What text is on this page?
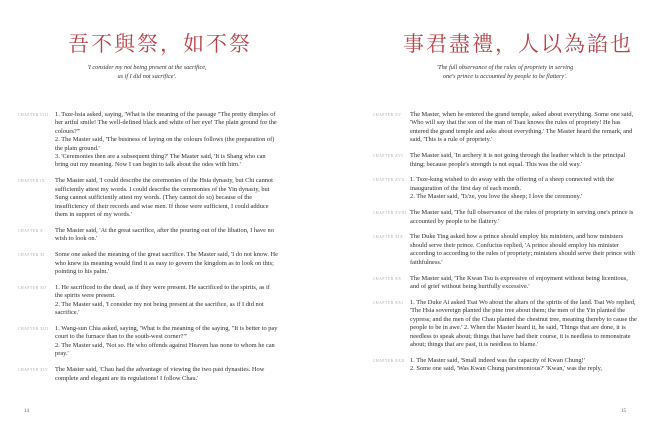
吾不與祭，如不祭
'I consider my not being present at the sacrifice,
as if I did not sacrifice'.
CHAPTER VIII	1. Tsze-hsia asked, saying, 'What is the meaning of the passage "The pretty dimples of her artful smile! The well-defined black and white of her eye! The plain ground for the colours?"'
2. The Master said, 'The business of laying on the colours follows (the preparation of) the plain ground.'
3. 'Ceremonies then are a subsequent thing?' The Master said, 'It is Shang who can bring out my meaning. Now I can begin to talk about the odes with him.'
CHAPTER IX	The Master said, 'I could describe the ceremonies of the Hsia dynasty, but Chi cannot sufficiently attest my words. I could describe the ceremonies of the Yin dynasty, but Sung cannot sufficiently attest my words. (They cannot do so) because of the insufficiency of their records and wise men. If those were sufficient, I could adduce them in support of my words.'
CHAPTER X	The Master said, 'At the great sacrifice, after the pouring out of the libation, I have no wish to look on.'
CHAPTER XI	Some one asked the meaning of the great sacrifice. The Master said, 'I do not know. He who knew its meaning would find it as easy to govern the kingdom as to look on this; pointing to his palm.'
CHAPTER XII	1. He sacrificed to the dead, as if they were present. He sacrificed to the spirits, as if the spirits were present.
2. The Master said, 'I consider my not being present at the sacrifice, as if I did not sacrifice.'
CHAPTER XIII 1. Wang-sun Chia asked, saying, 'What is the meaning of the saying, "It is better to pay court to the furnace than to the south-west corner?"'
2. The Master said, 'Not so. He who offends against Heaven has none to whom he can pray.'
CHAPTER XIV	The Master said, 'Chau had the advantage of viewing the two past dynasties. How complete and elegant are its regulations! I follow Chau.'
14
事君盡禮，人以為諂也
'The full observance of the rules of propriety in serving
one's prince is accounted by people to be flattery'.
CHAPTER XV	The Master, when he entered the grand temple, asked about everything. Some one said, 'Who will say that the son of the man of Tsau knows the rules of propriety! He has entered the grand temple and asks about everything.' The Master heard the remark, and said, 'This is a rule of propriety.'
CHAPTER XVI	The Master said, 'In archery it is not going through the leather which is the principal thing; because people's strength is not equal. This was the old way.'
CHAPTER XVII 1. Tsze-kung wished to do away with the offering of a sheep connected with the inauguration of the first day of each month.
2. The Master said, 'Ts'ze, you love the sheep; I love the ceremony.'
CHAPTER XVIII The Master said, 'The full observance of the rules of propriety in serving one's prince is accounted by people to be flattery.'
CHAPTER XIX	The Duke Ting asked how a prince should employ his ministers, and how ministers should serve their prince. Confucius replied, 'A prince should employ his minister according to according to the rules of propriety; ministers should serve their prince with faithfulness.'
CHAPTER XX	The Master said, 'The Kwan Tsu is expressive of enjoyment without being licentious, and of grief without being hurtfully excessive.'
CHAPTER XXI	1. The Duke Ai asked Tsai Wo about the altars of the spirits of the land. Tsai Wo replied, 'The Hsia sovereign planted the pine tree about them; the men of the Yin planted the cypress; and the men of the Chau planted the chestnut tree, meaning thereby to cause the people to be in awe.' 2. When the Master heard it, he said, 'Things that are done, it is needless to speak about; things that have had their course, it is needless to remonstrate about; things that are past, it is needless to blame.'
CHAPTER XXII 1. The Master said, 'Small indeed was the capacity of Kwan Chung!'
2. Some one said, 'Was Kwan Chung parsimonious?' 'Kwan,' was the reply,
15
